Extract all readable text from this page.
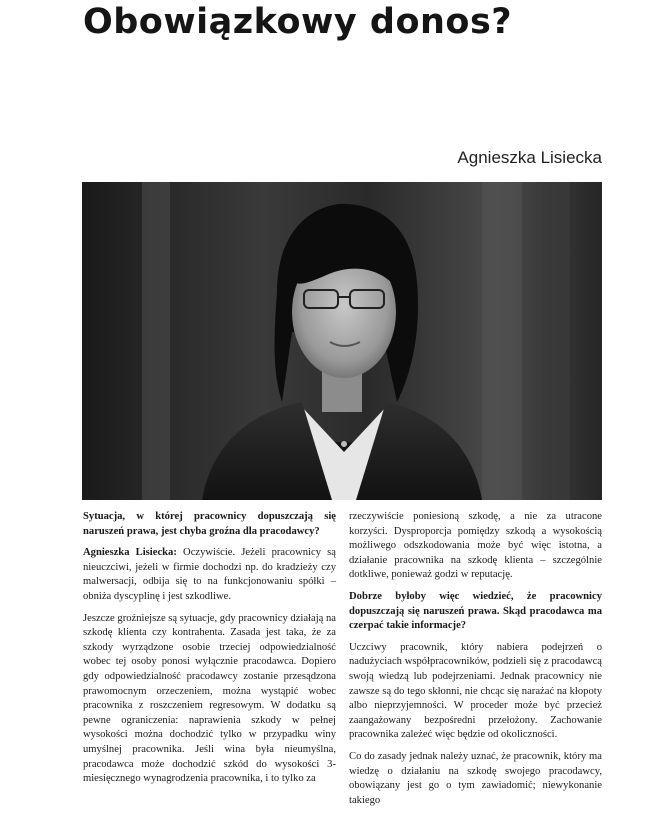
Obowiązkowy donos?
Agnieszka Lisiecka

Sytuacja, w której pracownicy dopuszczają się naruszeń prawa, jest chyba groźna dla pracodawcy?

Agnieszka Lisiecka: Oczywiście. Jeżeli pracownicy są nieuczciwi, jeżeli w firmie dochodzi np. do kradzieży czy malwersacji, odbija się to na funkcjonowaniu spółki – obniża dyscyplinę i jest szkodliwe.

Jeszcze groźniejsze są sytuacje, gdy pracownicy działają na szkodę klienta czy kontrahenta. Zasada jest taka, że za szkody wyrządzone osobie trzeciej odpowiedzialność wobec tej osoby ponosi wyłącznie pracodawca. Dopiero gdy odpowiedzialność pracodawcy zostanie przesądzona prawomocnym orzeczeniem, można wystąpić wobec pracownika z roszczeniem regresowym. W dodatku są pewne ograniczenia: naprawienia szkody w pełnej wysokości można dochodzić tylko w przypadku winy umyślnej pracownika. Jeśli wina była nieumyślna, pracodawca może dochodzić szkód do wysokości 3-miesięcznego wynagrodzenia pracownika, i to tylko za

rzeczywiście poniesioną szkodę, a nie za utracone korzyści. Dysproporcja pomiędzy szkodą a wysokością możliwego odszkodowania może być więc istotna, a działanie pracownika na szkodę klienta – szczególnie dotkliwe, ponieważ godzi w reputację.

Dobrze byłoby więc wiedzieć, że pracownicy dopuszczają się naruszeń prawa. Skąd pracodawca ma czerpać takie informacje?

Uczciwy pracownik, który nabiera podejrzeń o nadużyciach współpracowników, podzieli się z pracodawcą swoją wiedzą lub podejrzeniami. Jednak pracownicy nie zawsze są do tego skłonni, nie chcąc się narażać na kłopoty albo nieprzyjemności. W proceder może być przecież zaangażowany bezpośredni przełożony. Zachowanie pracownika zależeć więc będzie od okoliczności.

Co do zasady jednak należy uznać, że pracownik, który ma wiedzę o działaniu na szkodę swojego pracodawcy, obowiązany jest go o tym zawiadomić; niewykonanie takiego
